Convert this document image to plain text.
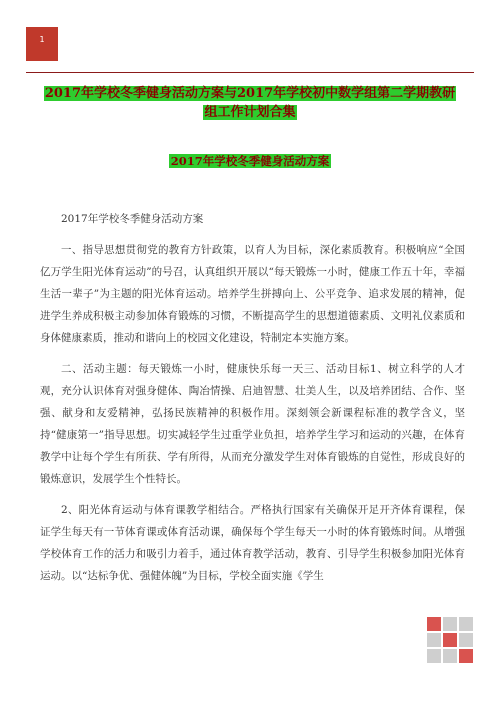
1
2017年学校冬季健身活动方案与2017年学校初中数学组第二学期教研
组工作计划合集
2017年学校冬季健身活动方案

2017年学校冬季健身活动方案

一、指导思想贯彻党的教育方针政策，以育人为目标，深化素质教育。积极响应“全国亿万学生阳光体育运动”的号召，认真组织开展以“每天锻炼一小时，健康工作五十年，幸福生活一辈子”为主题的阳光体育运动。培养学生拼搏向上、公平竞争、追求发展的精神，促进学生养成积极主动参加体育锻炼的习惯，不断提高学生的思想道德素质、文明礼仪素质和身体健康素质，推动和谐向上的校园文化建设，特制定本实施方案。

二、活动主题：每天锻炼一小时，健康快乐每一天三、活动目标1、树立科学的人才观，充分认识体育对强身健体、陶冶情操、启迪智慧、壮美人生，以及培养团结、合作、坚强、献身和友爱精神，弘扬民族精神的积极作用。深刻领会新课程标准的教学含义，坚持“健康第一”指导思想。切实减轻学生过重学业负担，培养学生学习和运动的兴趣，在体育教学中让每个学生有所获、学有所得，从而充分激发学生对体育锻炼的自觉性，形成良好的锻炼意识，发展学生个性特长。

2、阳光体育运动与体育课教学相结合。严格执行国家有关确保开足开齐体育课程，保证学生每天有一节体育课或体育活动课，确保每个学生每天一小时的体育锻炼时间。从增强学校体育工作的活力和吸引力着手，通过体育教学活动，教育、引导学生积极参加阳光体育运动。以“达标争优、强健体魄”为目标，学校全面实施《学生
